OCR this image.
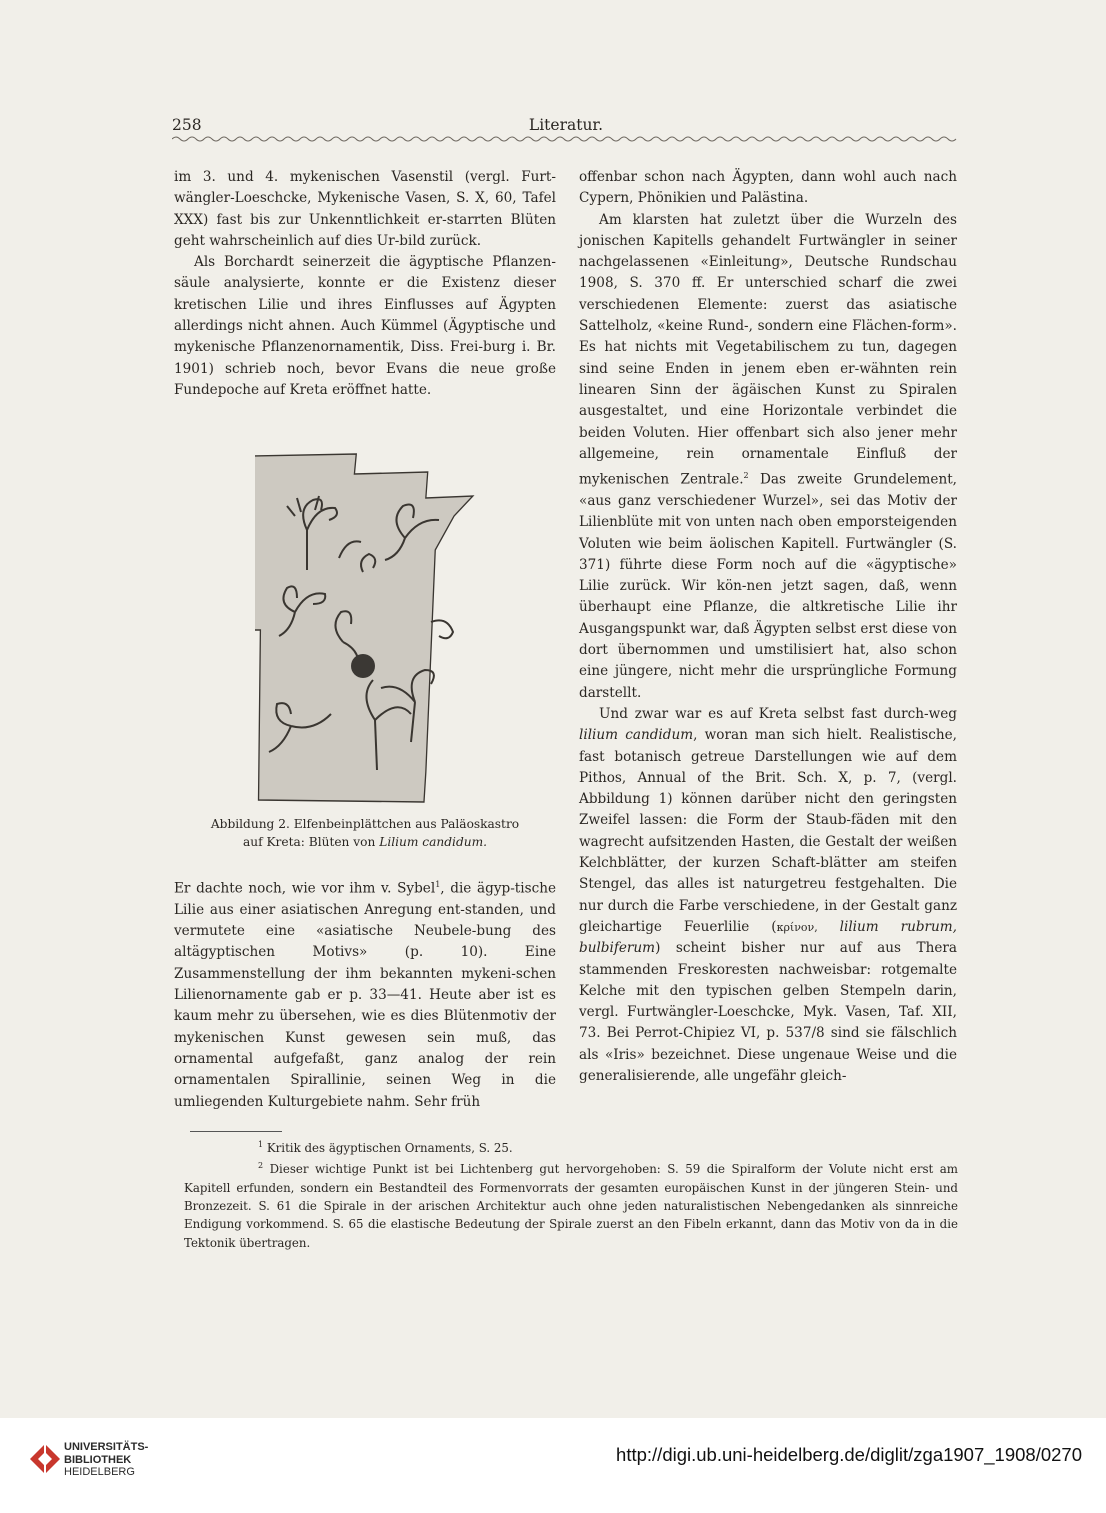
258	Literatur.

im 3. und 4. mykenischen Vasenstil (vergl. Furt-wängler-Loeschcke, Mykenische Vasen, S. X, 60, Tafel XXX) fast bis zur Unkenntlichkeit er-starrten Blüten geht wahrscheinlich auf dies Ur-bild zurück.

Als Borchardt seinerzeit die ägyptische Pflanzen-säule analysierte, konnte er die Existenz dieser kretischen Lilie und ihres Einflusses auf Ägypten allerdings nicht ahnen. Auch Kümmel (Ägyptische und mykenische Pflanzenornamentik, Diss. Frei-burg i. Br. 1901) schrieb noch, bevor Evans die neue große Fundepoche auf Kreta eröffnet hatte.

Abbildung 2. Elfenbeinplättchen aus Paläoskastro
auf Kreta: Blüten von Lilium candidum.

Er dachte noch, wie vor ihm v. Sybel$^1$, die ägyp-tische Lilie aus einer asiatischen Anregung ent-standen, und vermutete eine «asiatische Neubele-bung des altägyptischen Motivs» (p. 10). Eine Zusammenstellung der ihm bekannten mykeni-schen Lilienornamente gab er p. 33—41. Heute aber ist es kaum mehr zu übersehen, wie es dies Blütenmotiv der mykenischen Kunst gewesen sein muß, das ornamental aufgefaßt, ganz analog der rein ornamentalen Spirallinie, seinen Weg in die umliegenden Kulturgebiete nahm. Sehr früh

offenbar schon nach Ägypten, dann wohl auch nach Cypern, Phönikien und Palästina.

Am klarsten hat zuletzt über die Wurzeln des jonischen Kapitells gehandelt Furtwängler in seiner nachgelassenen «Einleitung», Deutsche Rundschau 1908, S. 370 ff. Er unterschied scharf die zwei verschiedenen Elemente: zuerst das asiatische Sattelholz, «keine Rund-, sondern eine Flächen-form». Es hat nichts mit Vegetabilischem zu tun, dagegen sind seine Enden in jenem eben er-wähnten rein linearen Sinn der ägäischen Kunst zu Spiralen ausgestaltet, und eine Horizontale verbindet die beiden Voluten. Hier offenbart sich also jener mehr allgemeine, rein ornamentale Einfluß der mykenischen Zentrale.$^2$ Das zweite Grundelement, «aus ganz verschiedener Wurzel», sei das Motiv der Lilienblüte mit von unten nach oben emporsteigenden Voluten wie beim äolischen Kapitell. Furtwängler (S. 371) führte diese Form noch auf die «ägyptische» Lilie zurück. Wir kön-nen jetzt sagen, daß, wenn überhaupt eine Pflanze, die altkretische Lilie ihr Ausgangspunkt war, daß Ägypten selbst erst diese von dort übernommen und umstilisiert hat, also schon eine jüngere, nicht mehr die ursprüngliche Formung darstellt.

Und zwar war es auf Kreta selbst fast durch-weg lilium candidum, woran man sich hielt. Realistische, fast botanisch getreue Darstellungen wie auf dem Pithos, Annual of the Brit. Sch. X, p. 7, (vergl. Abbildung 1) können darüber nicht den geringsten Zweifel lassen: die Form der Staub-fäden mit den wagrecht aufsitzenden Hasten, die Gestalt der weißen Kelchblätter, der kurzen Schaft-blätter am steifen Stengel, das alles ist naturgetreu festgehalten. Die nur durch die Farbe verschiedene, in der Gestalt ganz gleichartige Feuerlilie (κρίνον, lilium rubrum, bulbiferum) scheint bisher nur auf aus Thera stammenden Freskoresten nachweisbar: rotgemalte Kelche mit den typischen gelben Stempeln darin, vergl. Furtwängler-Loeschcke, Myk. Vasen, Taf. XII, 73. Bei Perrot-Chipiez VI, p. 537/8 sind sie fälschlich als «Iris» bezeichnet. Diese ungenaue Weise und die generalisierende, alle ungefähr gleich-

$^1$ Kritik des ägyptischen Ornaments, S. 25.

$^2$ Dieser wichtige Punkt ist bei Lichtenberg gut hervorgehoben: S. 59 die Spiralform der Volute nicht erst am Kapitell erfunden, sondern ein Bestandteil des Formenvorrats der gesamten europäischen Kunst in der jüngeren Stein- und Bronzezeit. S. 61 die Spirale in der arischen Architektur auch ohne jeden naturalistischen Nebengedanken als sinnreiche Endigung vorkommend. S. 65 die elastische Bedeutung der Spirale zuerst an den Fibeln erkannt, dann das Motiv von da in die Tektonik übertragen.

UNIVERSITÄTS-
BIBLIOTHEK
HEIDELBERG
http://digi.ub.uni-heidelberg.de/diglit/zga1907_1908/0270
